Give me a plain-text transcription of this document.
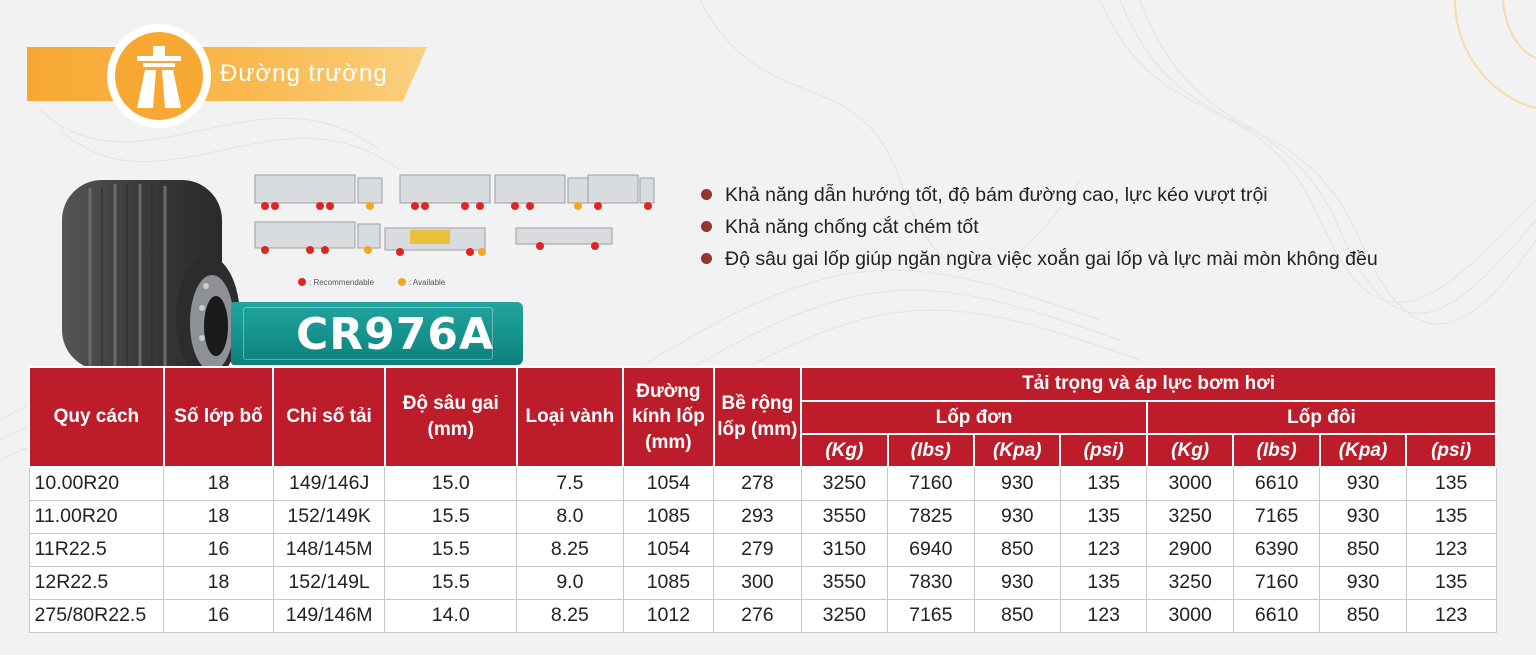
Đường trường
: Recommendable	: Available
CR976A
Khả năng dẫn hướng tốt, độ bám đường cao, lực kéo vượt trội
Khả năng chống cắt chém tốt
Độ sâu gai lốp giúp ngăn ngừa việc xoắn gai lốp và lực mài mòn không đều
Quy cách	Số lớp bố	Chỉ số tải	Độ sâu gai (mm)	Loại vành	Đường kính lốp (mm)	Bề rộng lốp (mm)	Tải trọng và áp lực bơm hơi							
							Lốp đơn				Lốp đôi			
							(Kg)	(Ibs)	(Kpa)	(psi)	(Kg)	(Ibs)	(Kpa)	(psi)
10.00R20	18	149/146J	15.0	7.5	1054	278	3250	7160	930	135	3000	6610	930	135
11.00R20	18	152/149K	15.5	8.0	1085	293	3550	7825	930	135	3250	7165	930	135
11R22.5	16	148/145M	15.5	8.25	1054	279	3150	6940	850	123	2900	6390	850	123
12R22.5	18	152/149L	15.5	9.0	1085	300	3550	7830	930	135	3250	7160	930	135
275/80R22.5	16	149/146M	14.0	8.25	1012	276	3250	7165	850	123	3000	6610	850	123
